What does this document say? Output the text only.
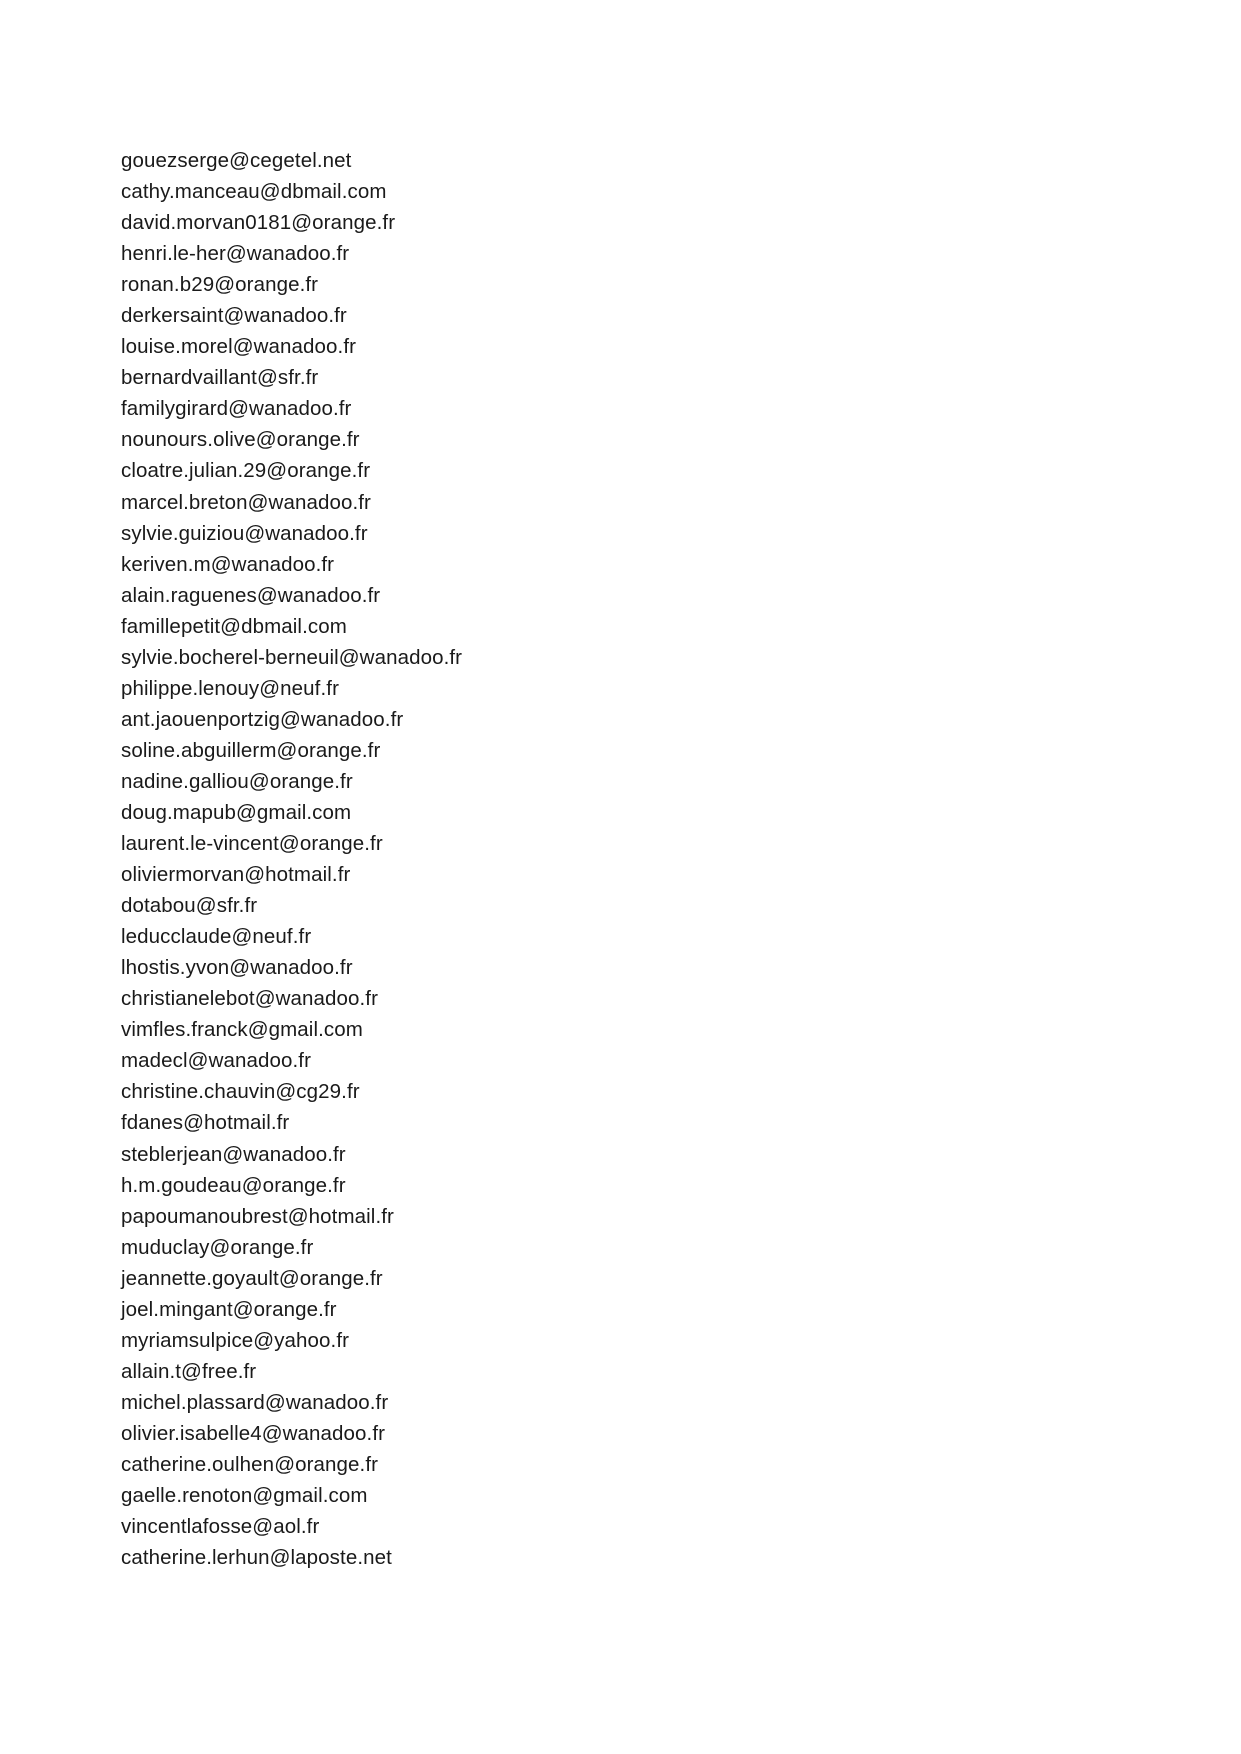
gouezserge@cegetel.net
cathy.manceau@dbmail.com
david.morvan0181@orange.fr
henri.le-her@wanadoo.fr
ronan.b29@orange.fr
derkersaint@wanadoo.fr
louise.morel@wanadoo.fr
bernardvaillant@sfr.fr
familygirard@wanadoo.fr
nounours.olive@orange.fr
cloatre.julian.29@orange.fr
marcel.breton@wanadoo.fr
sylvie.guiziou@wanadoo.fr
keriven.m@wanadoo.fr
alain.raguenes@wanadoo.fr
famillepetit@dbmail.com
sylvie.bocherel-berneuil@wanadoo.fr
philippe.lenouy@neuf.fr
ant.jaouenportzig@wanadoo.fr
soline.abguillerm@orange.fr
nadine.galliou@orange.fr
doug.mapub@gmail.com
laurent.le-vincent@orange.fr
oliviermorvan@hotmail.fr
dotabou@sfr.fr
leducclaude@neuf.fr
lhostis.yvon@wanadoo.fr
christianelebot@wanadoo.fr
vimfles.franck@gmail.com
madecl@wanadoo.fr
christine.chauvin@cg29.fr
fdanes@hotmail.fr
steblerjean@wanadoo.fr
h.m.goudeau@orange.fr
papoumanoubrest@hotmail.fr
muduclay@orange.fr
jeannette.goyault@orange.fr
joel.mingant@orange.fr
myriamsulpice@yahoo.fr
allain.t@free.fr
michel.plassard@wanadoo.fr
olivier.isabelle4@wanadoo.fr
catherine.oulhen@orange.fr
gaelle.renoton@gmail.com
vincentlafosse@aol.fr
catherine.lerhun@laposte.net
